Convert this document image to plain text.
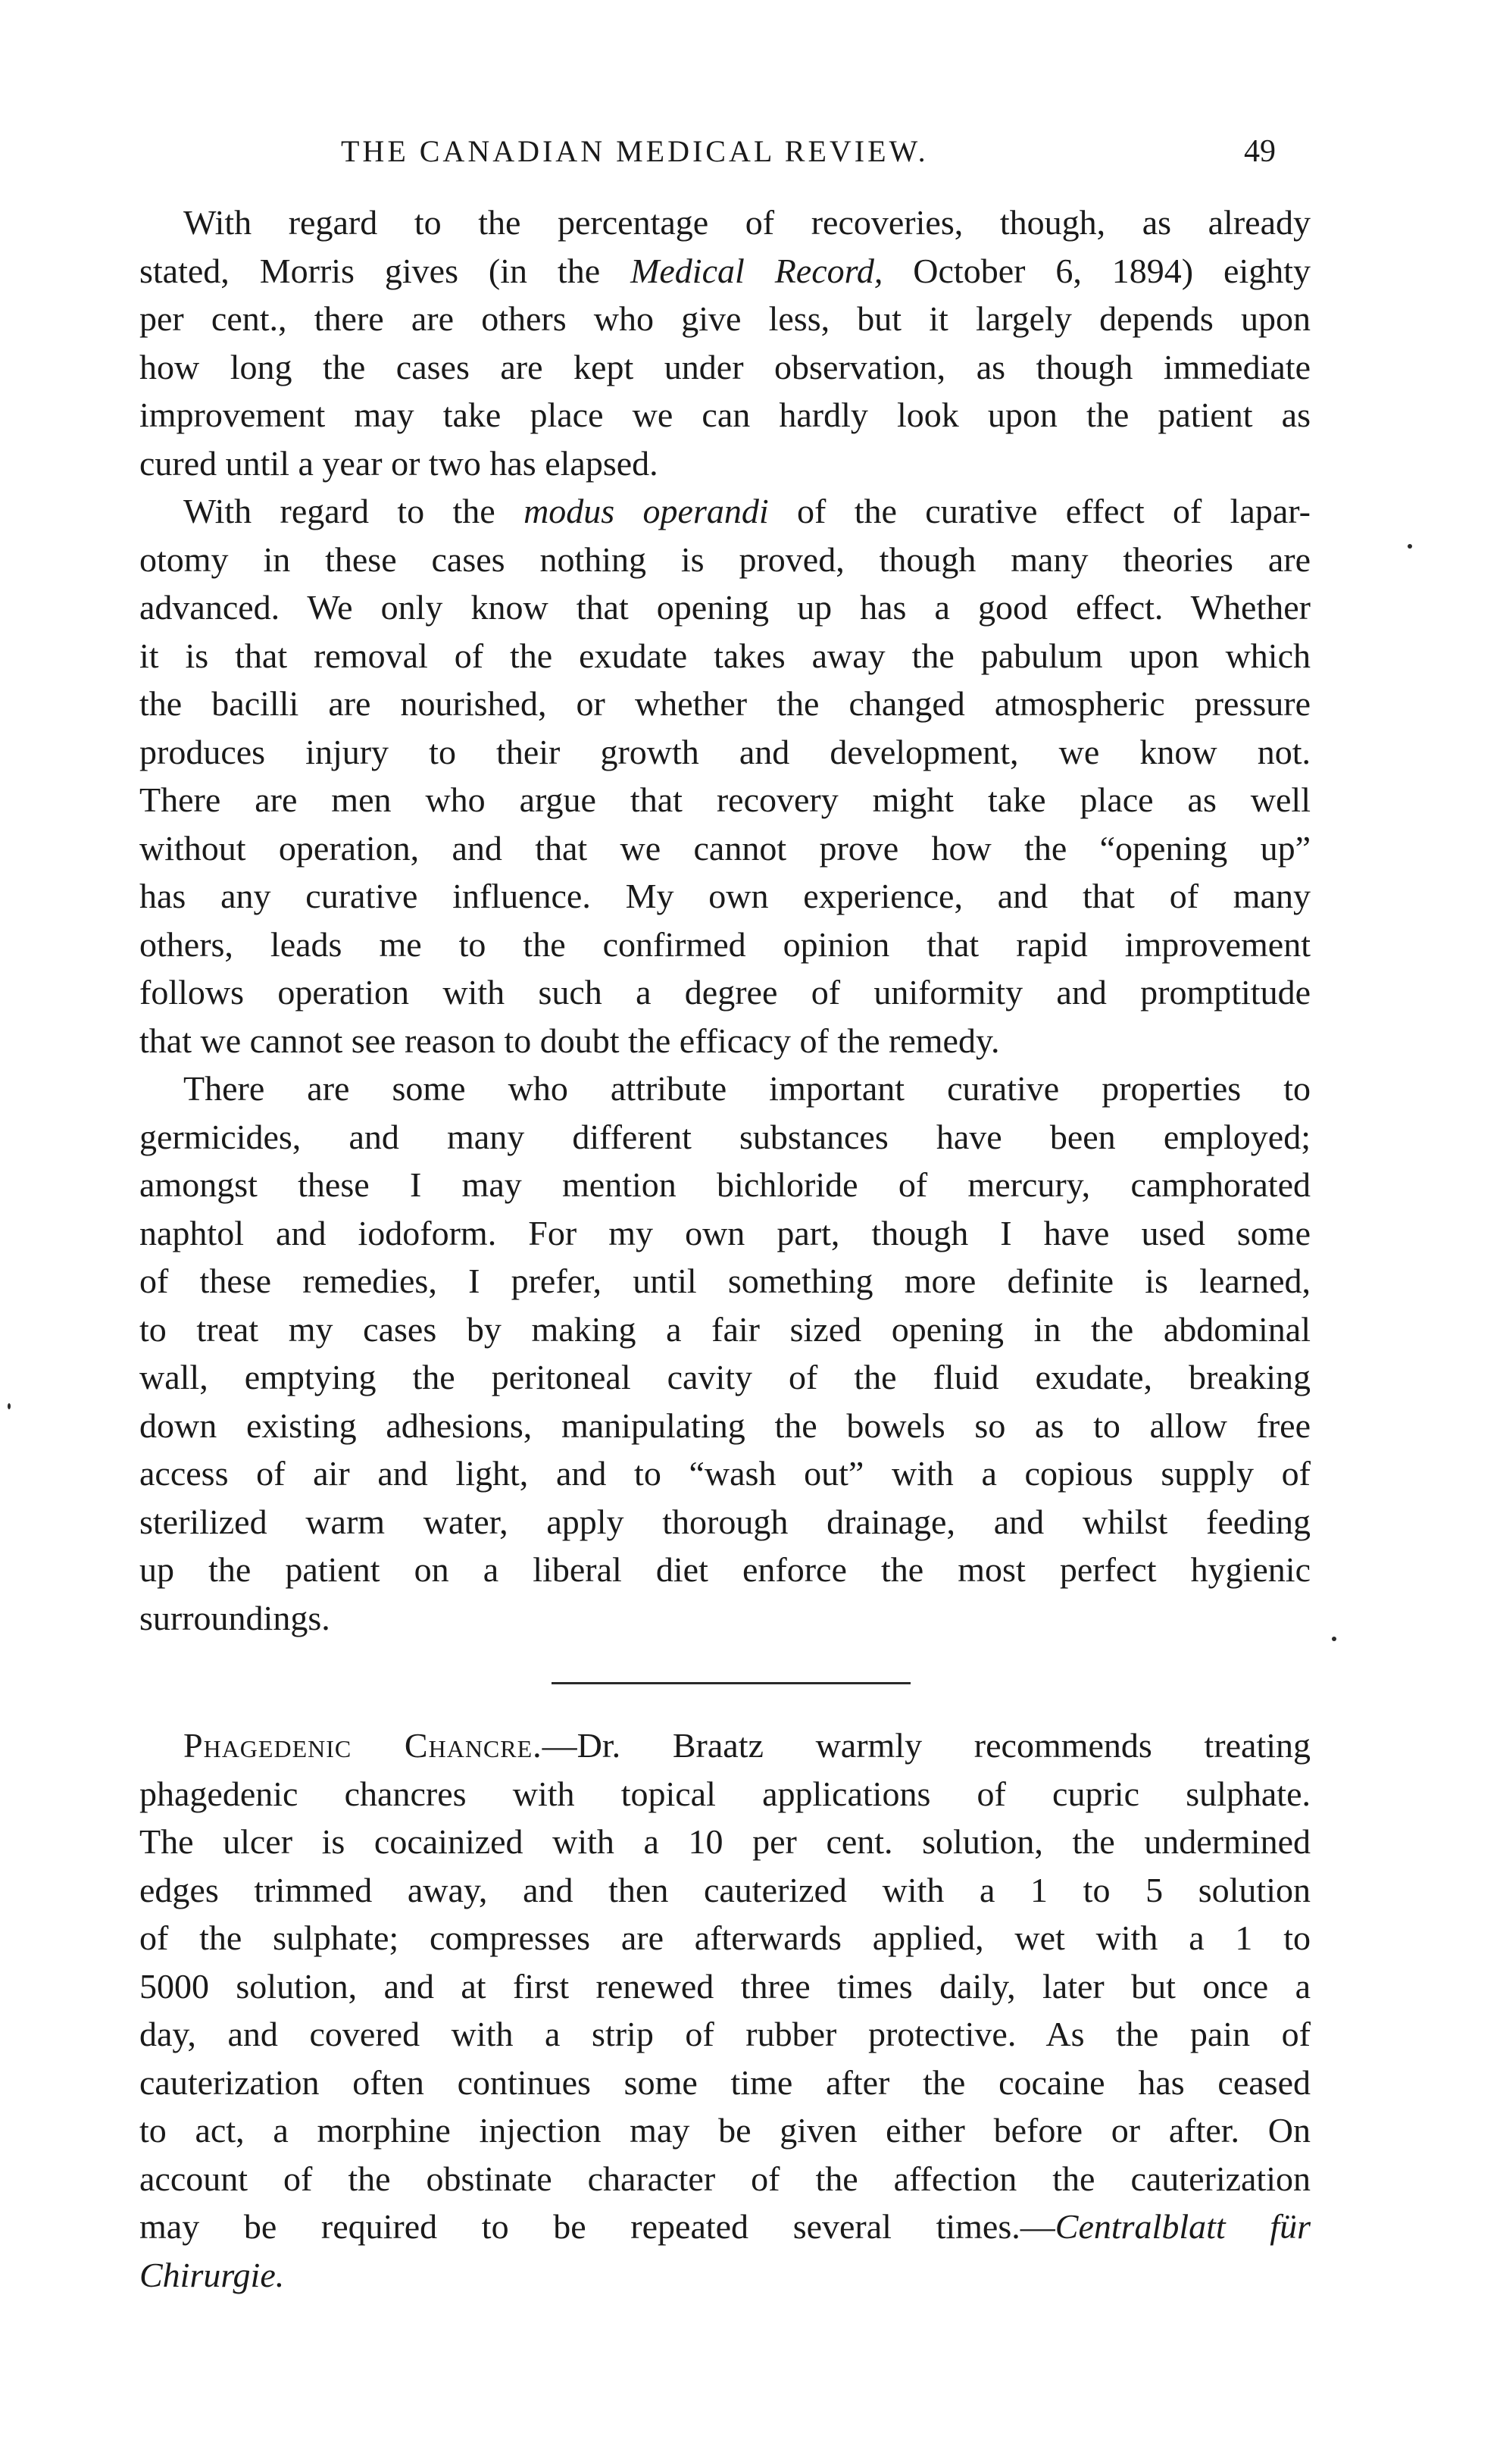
THE CANADIAN MEDICAL REVIEW.	49
With regard to the percentage of recoveries, though, as already
stated, Morris gives (in the Medical Record, October 6, 1894) eighty
per cent., there are others who give less, but it largely depends upon
how long the cases are kept under observation, as though immediate
improvement may take place we can hardly look upon the patient as
cured until a year or two has elapsed.
With regard to the modus operandi of the curative effect of lapar-
otomy in these cases nothing is proved, though many theories are
advanced. We only know that opening up has a good effect. Whether
it is that removal of the exudate takes away the pabulum upon which
the bacilli are nourished, or whether the changed atmospheric pressure
produces injury to their growth and development, we know not.
There are men who argue that recovery might take place as well
without operation, and that we cannot prove how the “opening up”
has any curative influence. My own experience, and that of many
others, leads me to the confirmed opinion that rapid improvement
follows operation with such a degree of uniformity and promptitude
that we cannot see reason to doubt the efficacy of the remedy.
There are some who attribute important curative properties to
germicides, and many different substances have been employed;
amongst these I may mention bichloride of mercury, camphorated
naphtol and iodoform. For my own part, though I have used some
of these remedies, I prefer, until something more definite is learned,
to treat my cases by making a fair sized opening in the abdominal
wall, emptying the peritoneal cavity of the fluid exudate, breaking
down existing adhesions, manipulating the bowels so as to allow free
access of air and light, and to “wash out” with a copious supply of
sterilized warm water, apply thorough drainage, and whilst feeding
up the patient on a liberal diet enforce the most perfect hygienic
surroundings.
Phagedenic Chancre.—Dr. Braatz warmly recommends treating
phagedenic chancres with topical applications of cupric sulphate.
The ulcer is cocainized with a 10 per cent. solution, the undermined
edges trimmed away, and then cauterized with a 1 to 5 solution
of the sulphate; compresses are afterwards applied, wet with a 1 to
5000 solution, and at first renewed three times daily, later but once a
day, and covered with a strip of rubber protective. As the pain of
cauterization often continues some time after the cocaine has ceased
to act, a morphine injection may be given either before or after. On
account of the obstinate character of the affection the cauterization
may be required to be repeated several times.—Centralblatt für
Chirurgie.
